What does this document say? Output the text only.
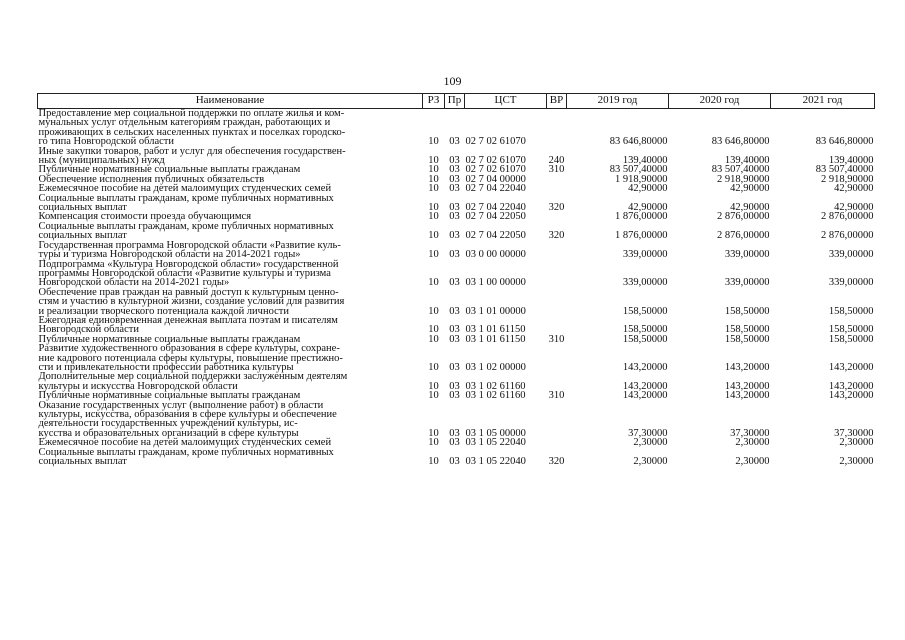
109
Наименование	РЗ	Пр	ЦСТ	ВР	2019 год	2020 год	2021 год
Предоставление мер социальной поддержки по оплате жилья и ком-
мунальных услуг отдельным категориям граждан, работающих и
проживающих в сельских населенных пунктах и поселках городско-
го типа Новгородской области	10	03	02 7 02 61070		83 646,80000	83 646,80000	83 646,80000
Иные закупки товаров, работ и услуг для обеспечения государствен-
ных (муниципальных) нужд	10	03	02 7 02 61070	240	139,40000	139,40000	139,40000
Публичные нормативные социальные выплаты гражданам	10	03	02 7 02 61070	310	83 507,40000	83 507,40000	83 507,40000
Обеспечение исполнения публичных обязательств	10	03	02 7 04 00000		1 918,90000	2 918,90000	2 918,90000
Ежемесячное пособие на детей малоимущих студенческих семей	10	03	02 7 04 22040		42,90000	42,90000	42,90000
Социальные выплаты гражданам, кроме публичных нормативных
социальных выплат	10	03	02 7 04 22040	320	42,90000	42,90000	42,90000
Компенсация стоимости проезда обучающимся	10	03	02 7 04 22050		1 876,00000	2 876,00000	2 876,00000
Социальные выплаты гражданам, кроме публичных нормативных
социальных выплат	10	03	02 7 04 22050	320	1 876,00000	2 876,00000	2 876,00000
Государственная программа Новгородской области «Развитие куль-
туры и туризма Новгородской области на 2014-2021 годы»	10	03	03 0 00 00000		339,00000	339,00000	339,00000
Подпрограмма «Культура Новгородской области» государственной
программы Новгородской области «Развитие культуры и туризма
Новгородской области на 2014-2021 годы»	10	03	03 1 00 00000		339,00000	339,00000	339,00000
Обеспечение прав граждан на равный доступ к культурным ценно-
стям и участию в культурной жизни, создание условий для развития
и реализации творческого потенциала каждой личности	10	03	03 1 01 00000		158,50000	158,50000	158,50000
Ежегодная единовременная денежная выплата поэтам и писателям
Новгородской области	10	03	03 1 01 61150		158,50000	158,50000	158,50000
Публичные нормативные социальные выплаты гражданам	10	03	03 1 01 61150	310	158,50000	158,50000	158,50000
Развитие художественного образования в сфере культуры, сохране-
ние кадрового потенциала сферы культуры, повышение престижно-
сти и привлекательности профессии работника культуры	10	03	03 1 02 00000		143,20000	143,20000	143,20000
Дополнительные мер социальной поддержки заслуженным деятелям
культуры и искусства Новгородской области	10	03	03 1 02 61160		143,20000	143,20000	143,20000
Публичные нормативные социальные выплаты гражданам	10	03	03 1 02 61160	310	143,20000	143,20000	143,20000
Оказание государственных услуг (выполнение работ) в области
культуры, искусства, образования в сфере культуры и обеспечение
деятельности государственных учреждений культуры, ис-
кусства и образовательных организаций в сфере культуры	10	03	03 1 05 00000		37,30000	37,30000	37,30000
Ежемесячное пособие на детей малоимущих студенческих семей	10	03	03 1 05 22040		2,30000	2,30000	2,30000
Социальные выплаты гражданам, кроме публичных нормативных
социальных выплат	10	03	03 1 05 22040	320	2,30000	2,30000	2,30000
